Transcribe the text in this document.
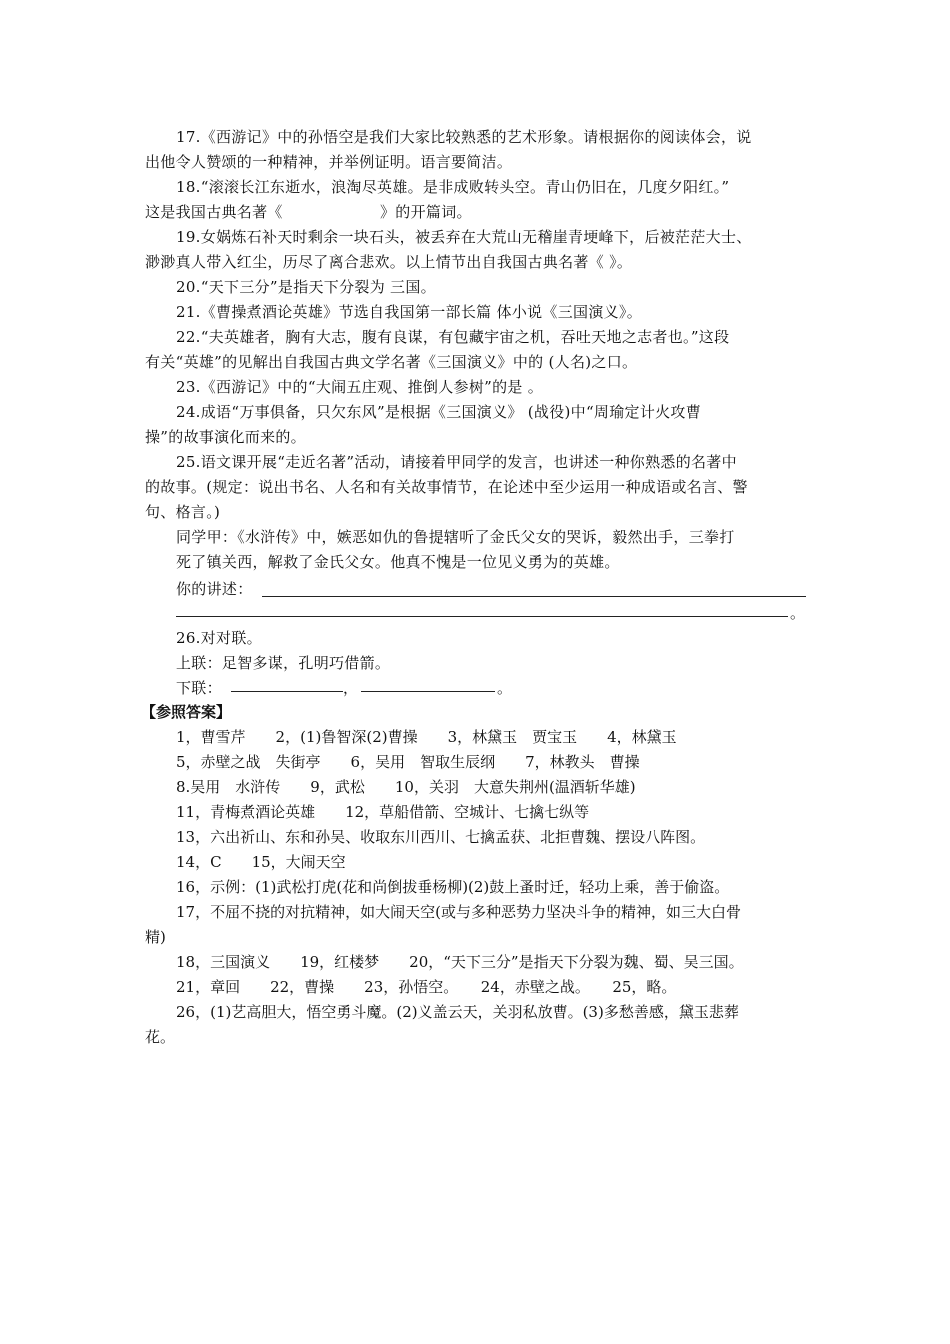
17.《西游记》中的孙悟空是我们大家比较熟悉的艺术形象。请根据你的阅读体会，说
出他令人赞颂的一种精神，并举例证明。语言要简洁。
18.“滚滚长江东逝水，浪淘尽英雄。是非成败转头空。青山仍旧在，几度夕阳红。”
这是我国古典名著《	》的开篇词。
19.女娲炼石补天时剩余一块石头，被丢弃在大荒山无稽崖青埂峰下，后被茫茫大士、
渺渺真人带入红尘，历尽了离合悲欢。以上情节出自我国古典名著《 》。
20.“天下三分”是指天下分裂为 三国。
21.《曹操煮酒论英雄》节选自我国第一部长篇 体小说《三国演义》。
22.“夫英雄者，胸有大志，腹有良谋，有包藏宇宙之机，吞吐天地之志者也。”这段
有关“英雄”的见解出自我国古典文学名著《三国演义》中的 (人名)之口。
23.《西游记》中的“大闹五庄观、推倒人参树”的是 。
24.成语“万事俱备，只欠东风”是根据《三国演义》 (战役)中“周瑜定计火攻曹
操”的故事演化而来的。
25.语文课开展“走近名著”活动，请接着甲同学的发言，也讲述一种你熟悉的名著中
的故事。(规定：说出书名、人名和有关故事情节，在论述中至少运用一种成语或名言、警
句、格言。)
同学甲：《水浒传》中，嫉恶如仇的鲁提辖听了金氏父女的哭诉，毅然出手，三拳打
死了镇关西，解救了金氏父女。他真不愧是一位见义勇为的英雄。
你的讲述：
。
26.对对联。
上联：足智多谋，孔明巧借箭。
下联：	，	。
【参照答案】
1，曹雪芹　　2，(1)鲁智深(2)曹操　　3，林黛玉　贾宝玉　　4，林黛玉
5，赤壁之战　失街亭　　6，吴用　智取生辰纲　　7，林教头　曹操
8.吴用　水浒传　　9，武松　　10，关羽　大意失荆州(温酒斩华雄)
11，青梅煮酒论英雄　　12，草船借箭、空城计、七擒七纵等
13，六出祈山、东和孙吴、收取东川西川、七擒孟获、北拒曹魏、摆设八阵图。
14，C　　15，大闹天空
16，示例：(1)武松打虎(花和尚倒拔垂杨柳)(2)鼓上蚤时迁，轻功上乘，善于偷盗。
17，不屈不挠的对抗精神，如大闹天空(或与多种恶势力坚决斗争的精神，如三大白骨
精)
18，三国演义　　19，红楼梦　　20，“天下三分”是指天下分裂为魏、蜀、吴三国。
21，章回　　22，曹操　　23，孙悟空。　　24，赤壁之战。　　25，略。
26，(1)艺高胆大，悟空勇斗魔。(2)义盖云天，关羽私放曹。(3)多愁善感，黛玉悲葬
花。
